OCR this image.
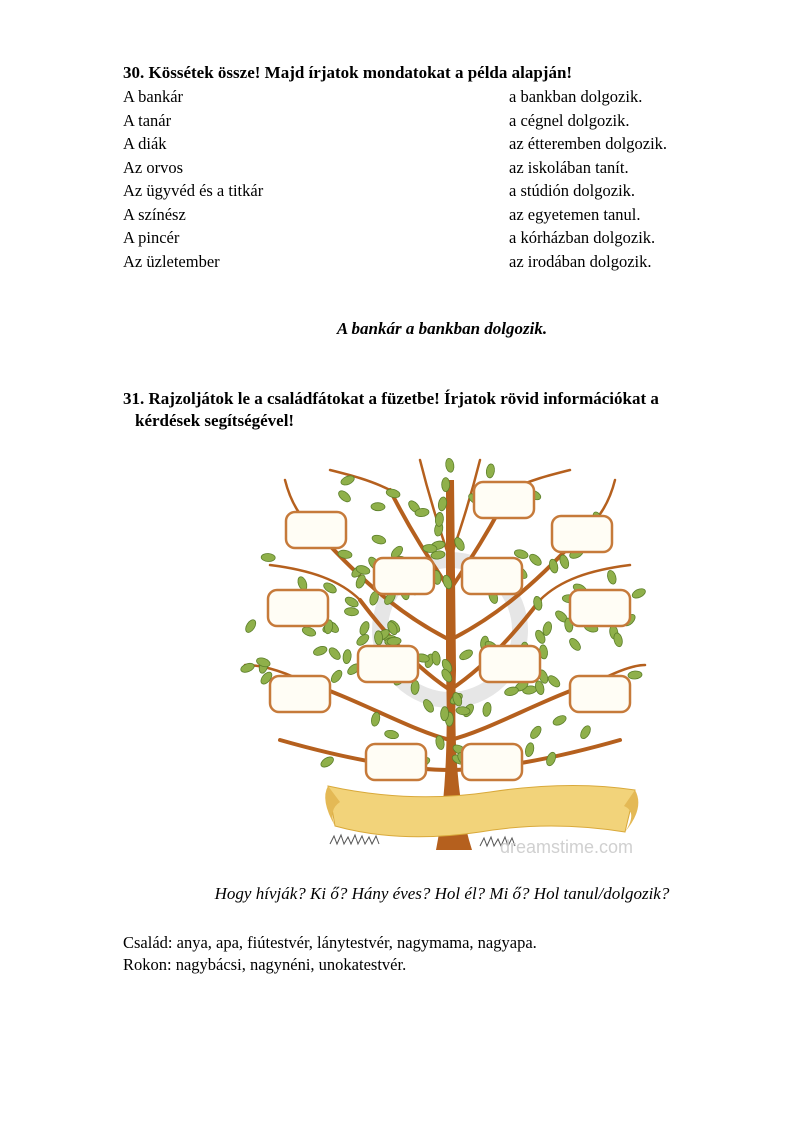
30. Kössétek össze! Majd írjatok mondatokat a példa alapján!
A bankár	a bankban dolgozik.
A tanár	a cégnel dolgozik.
A diák	az étteremben dolgozik.
Az orvos	az iskolában tanít.
Az ügyvéd és a titkár	a stúdión dolgozik.
A színész	az egyetemen tanul.
A pincér	a kórházban dolgozik.
Az üzletember	az irodában dolgozik.
A bankár a bankban dolgozik.
31. Rajzoljátok le a családfátokat a füzetbe! Írjatok rövid információkat a
kérdések segítségével!
dreamstime.com
Hogy hívják? Ki ő? Hány éves? Hol él? Mi ő? Hol tanul/dolgozik?
Család: anya, apa, fiútestvér, lánytestvér, nagymama, nagyapa.
Rokon: nagybácsi, nagynéni, unokatestvér.
